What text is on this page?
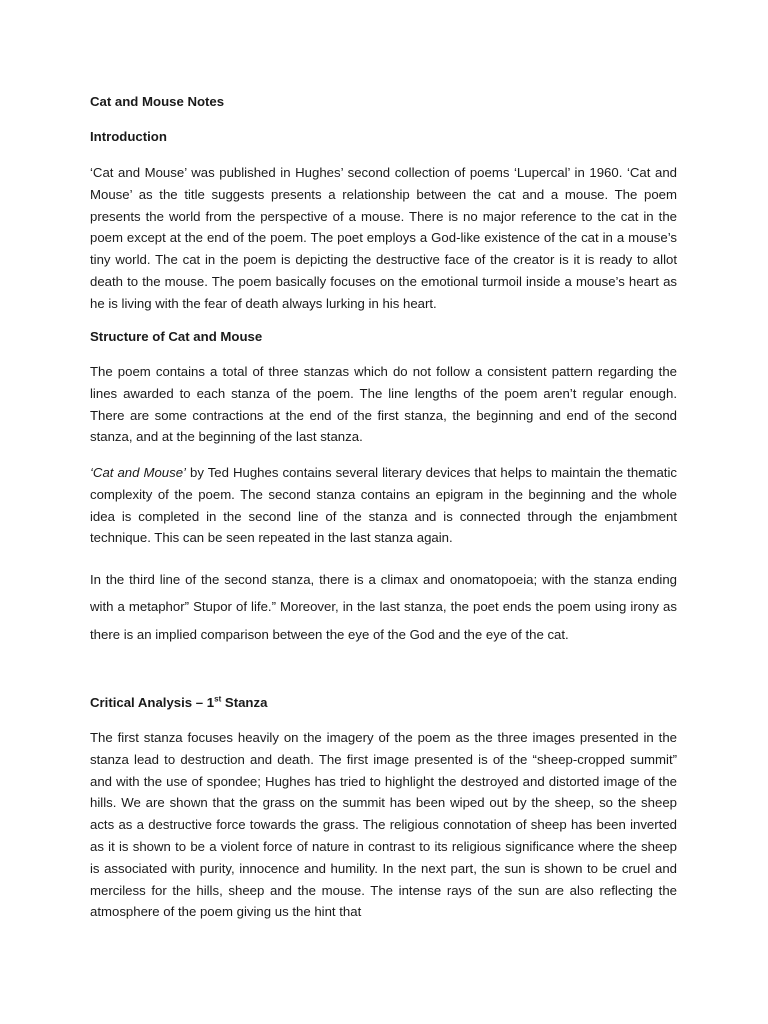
Cat and Mouse Notes
Introduction

‘Cat and Mouse’ was published in Hughes’ second collection of poems ‘Lupercal’ in 1960. ‘Cat and Mouse’ as the title suggests presents a relationship between the cat and a mouse. The poem presents the world from the perspective of a mouse. There is no major reference to the cat in the poem except at the end of the poem. The poet employs a God-like existence of the cat in a mouse’s tiny world. The cat in the poem is depicting the destructive face of the creator is it is ready to allot death to the mouse. The poem basically focuses on the emotional turmoil inside a mouse’s heart as he is living with the fear of death always lurking in his heart.

Structure of Cat and Mouse

The poem contains a total of three stanzas which do not follow a consistent pattern regarding the lines awarded to each stanza of the poem. The line lengths of the poem aren’t regular enough. There are some contractions at the end of the first stanza, the beginning and end of the second stanza, and at the beginning of the last stanza.

‘Cat and Mouse’ by Ted Hughes contains several literary devices that helps to maintain the thematic complexity of the poem. The second stanza contains an epigram in the beginning and the whole idea is completed in the second line of the stanza and is connected through the enjambment technique. This can be seen repeated in the last stanza again.

In the third line of the second stanza, there is a climax and onomatopoeia; with the stanza ending with a metaphor” Stupor of life.” Moreover, in the last stanza, the poet ends the poem using irony as there is an implied comparison between the eye of the God and the eye of the cat.

Critical Analysis – 1st Stanza

The first stanza focuses heavily on the imagery of the poem as the three images presented in the stanza lead to destruction and death. The first image presented is of the “sheep-cropped summit” and with the use of spondee; Hughes has tried to highlight the destroyed and distorted image of the hills. We are shown that the grass on the summit has been wiped out by the sheep, so the sheep acts as a destructive force towards the grass. The religious connotation of sheep has been inverted as it is shown to be a violent force of nature in contrast to its religious significance where the sheep is associated with purity, innocence and humility. In the next part, the sun is shown to be cruel and merciless for the hills, sheep and the mouse. The intense rays of the sun are also reflecting the atmosphere of the poem giving us the hint that
